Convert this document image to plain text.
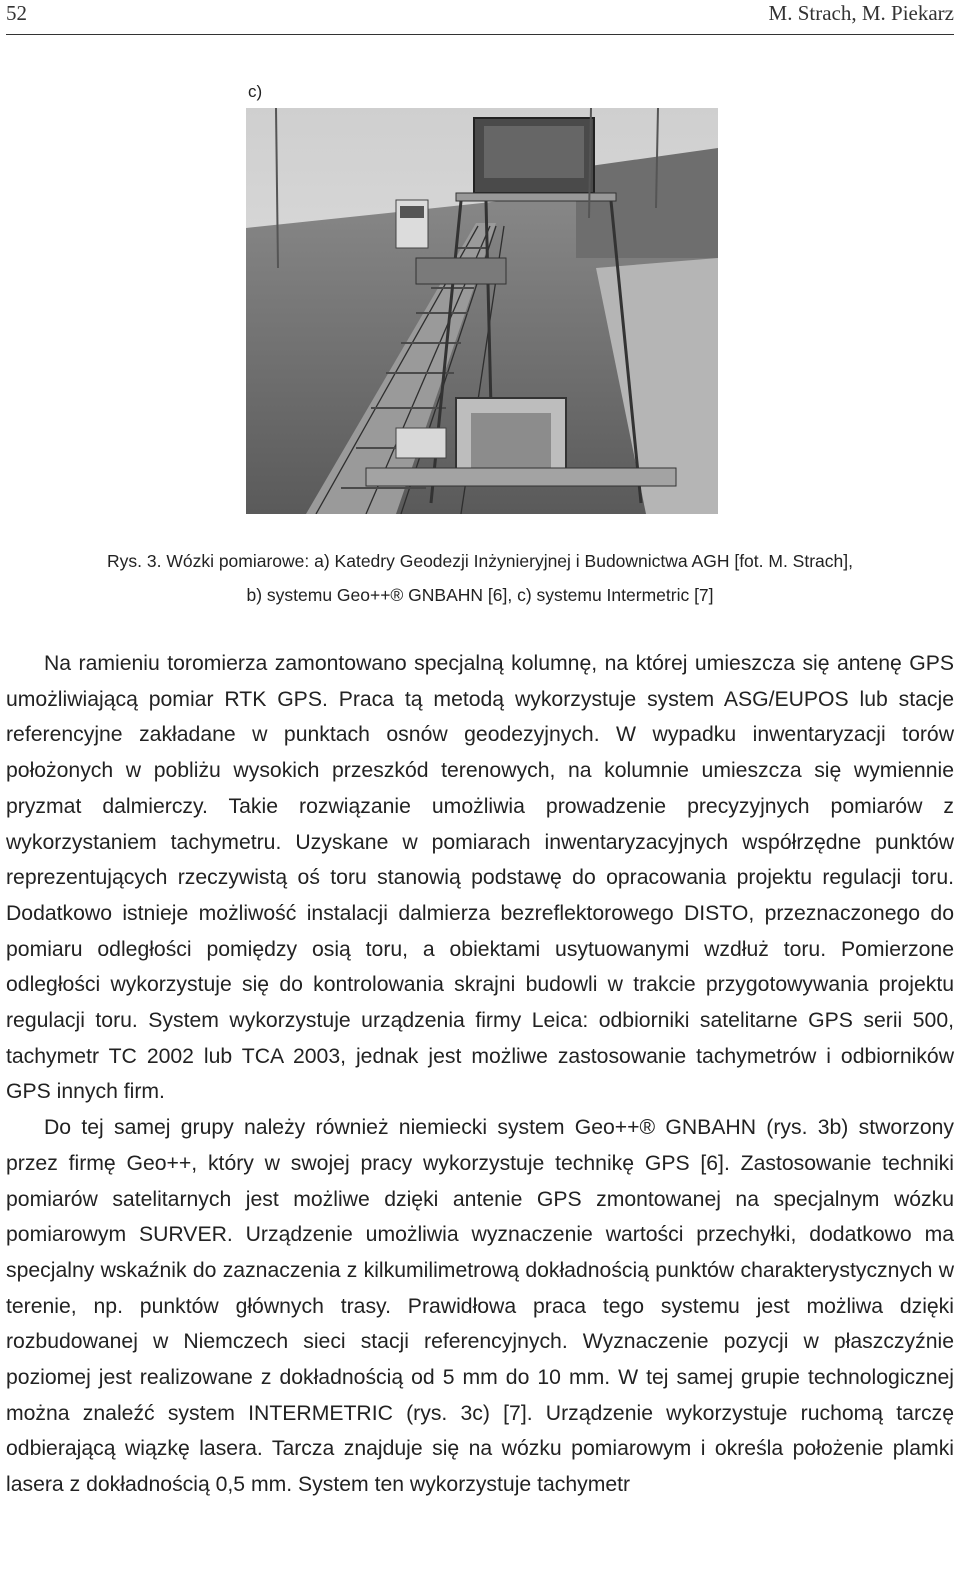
52	M. Strach, M. Piekarz
c)
Rys. 3. Wózki pomiarowe: a) Katedry Geodezji Inżynieryjnej i Budownictwa AGH [fot. M. Strach],
b) systemu Geo++® GNBAHN [6], c) systemu Intermetric [7]

Na ramieniu toromierza zamontowano specjalną kolumnę, na której umieszcza się antenę GPS umożliwiającą pomiar RTK GPS. Praca tą metodą wykorzystuje system ASG/EUPOS lub stacje referencyjne zakładane w punktach osnów geodezyjnych. W wypadku inwentaryzacji torów położonych w pobliżu wysokich przeszkód terenowych, na kolumnie umieszcza się wymiennie pryzmat dalmierczy. Takie rozwiązanie umożliwia prowadzenie precyzyjnych pomiarów z wykorzystaniem tachymetru. Uzyskane w pomiarach inwentaryzacyjnych współrzędne punktów reprezentujących rzeczywistą oś toru stanowią podstawę do opracowania projektu regulacji toru. Dodatkowo istnieje możliwość instalacji dalmierza bezreflektorowego DISTO, przeznaczonego do pomiaru odległości pomiędzy osią toru, a obiektami usytuowanymi wzdłuż toru. Pomierzone odległości wykorzystuje się do kontrolowania skrajni budowli w trakcie przygotowywania projektu regulacji toru. System wykorzystuje urządzenia firmy Leica: odbiorniki satelitarne GPS serii 500, tachymetr TC 2002 lub TCA 2003, jednak jest możliwe zastosowanie tachymetrów i odbiorników GPS innych firm.

Do tej samej grupy należy również niemiecki system Geo++® GNBAHN (rys. 3b) stworzony przez firmę Geo++, który w swojej pracy wykorzystuje technikę GPS [6]. Zastosowanie techniki pomiarów satelitarnych jest możliwe dzięki antenie GPS zmontowanej na specjalnym wózku pomiarowym SURVER. Urządzenie umożliwia wyznaczenie wartości przechyłki, dodatkowo ma specjalny wskaźnik do zaznaczenia z kilkumilimetrową dokładnością punktów charakterystycznych w terenie, np. punktów głównych trasy. Prawidłowa praca tego systemu jest możliwa dzięki rozbudowanej w Niemczech sieci stacji referencyjnych. Wyznaczenie pozycji w płaszczyźnie poziomej jest realizowane z dokładnością od 5 mm do 10 mm. W tej samej grupie technologicznej można znaleźć system INTERMETRIC (rys. 3c) [7]. Urządzenie wykorzystuje ruchomą tarczę odbierającą wiązkę lasera. Tarcza znajduje się na wózku pomiarowym i określa położenie plamki lasera z dokładnością 0,5 mm. System ten wykorzystuje tachymetr
